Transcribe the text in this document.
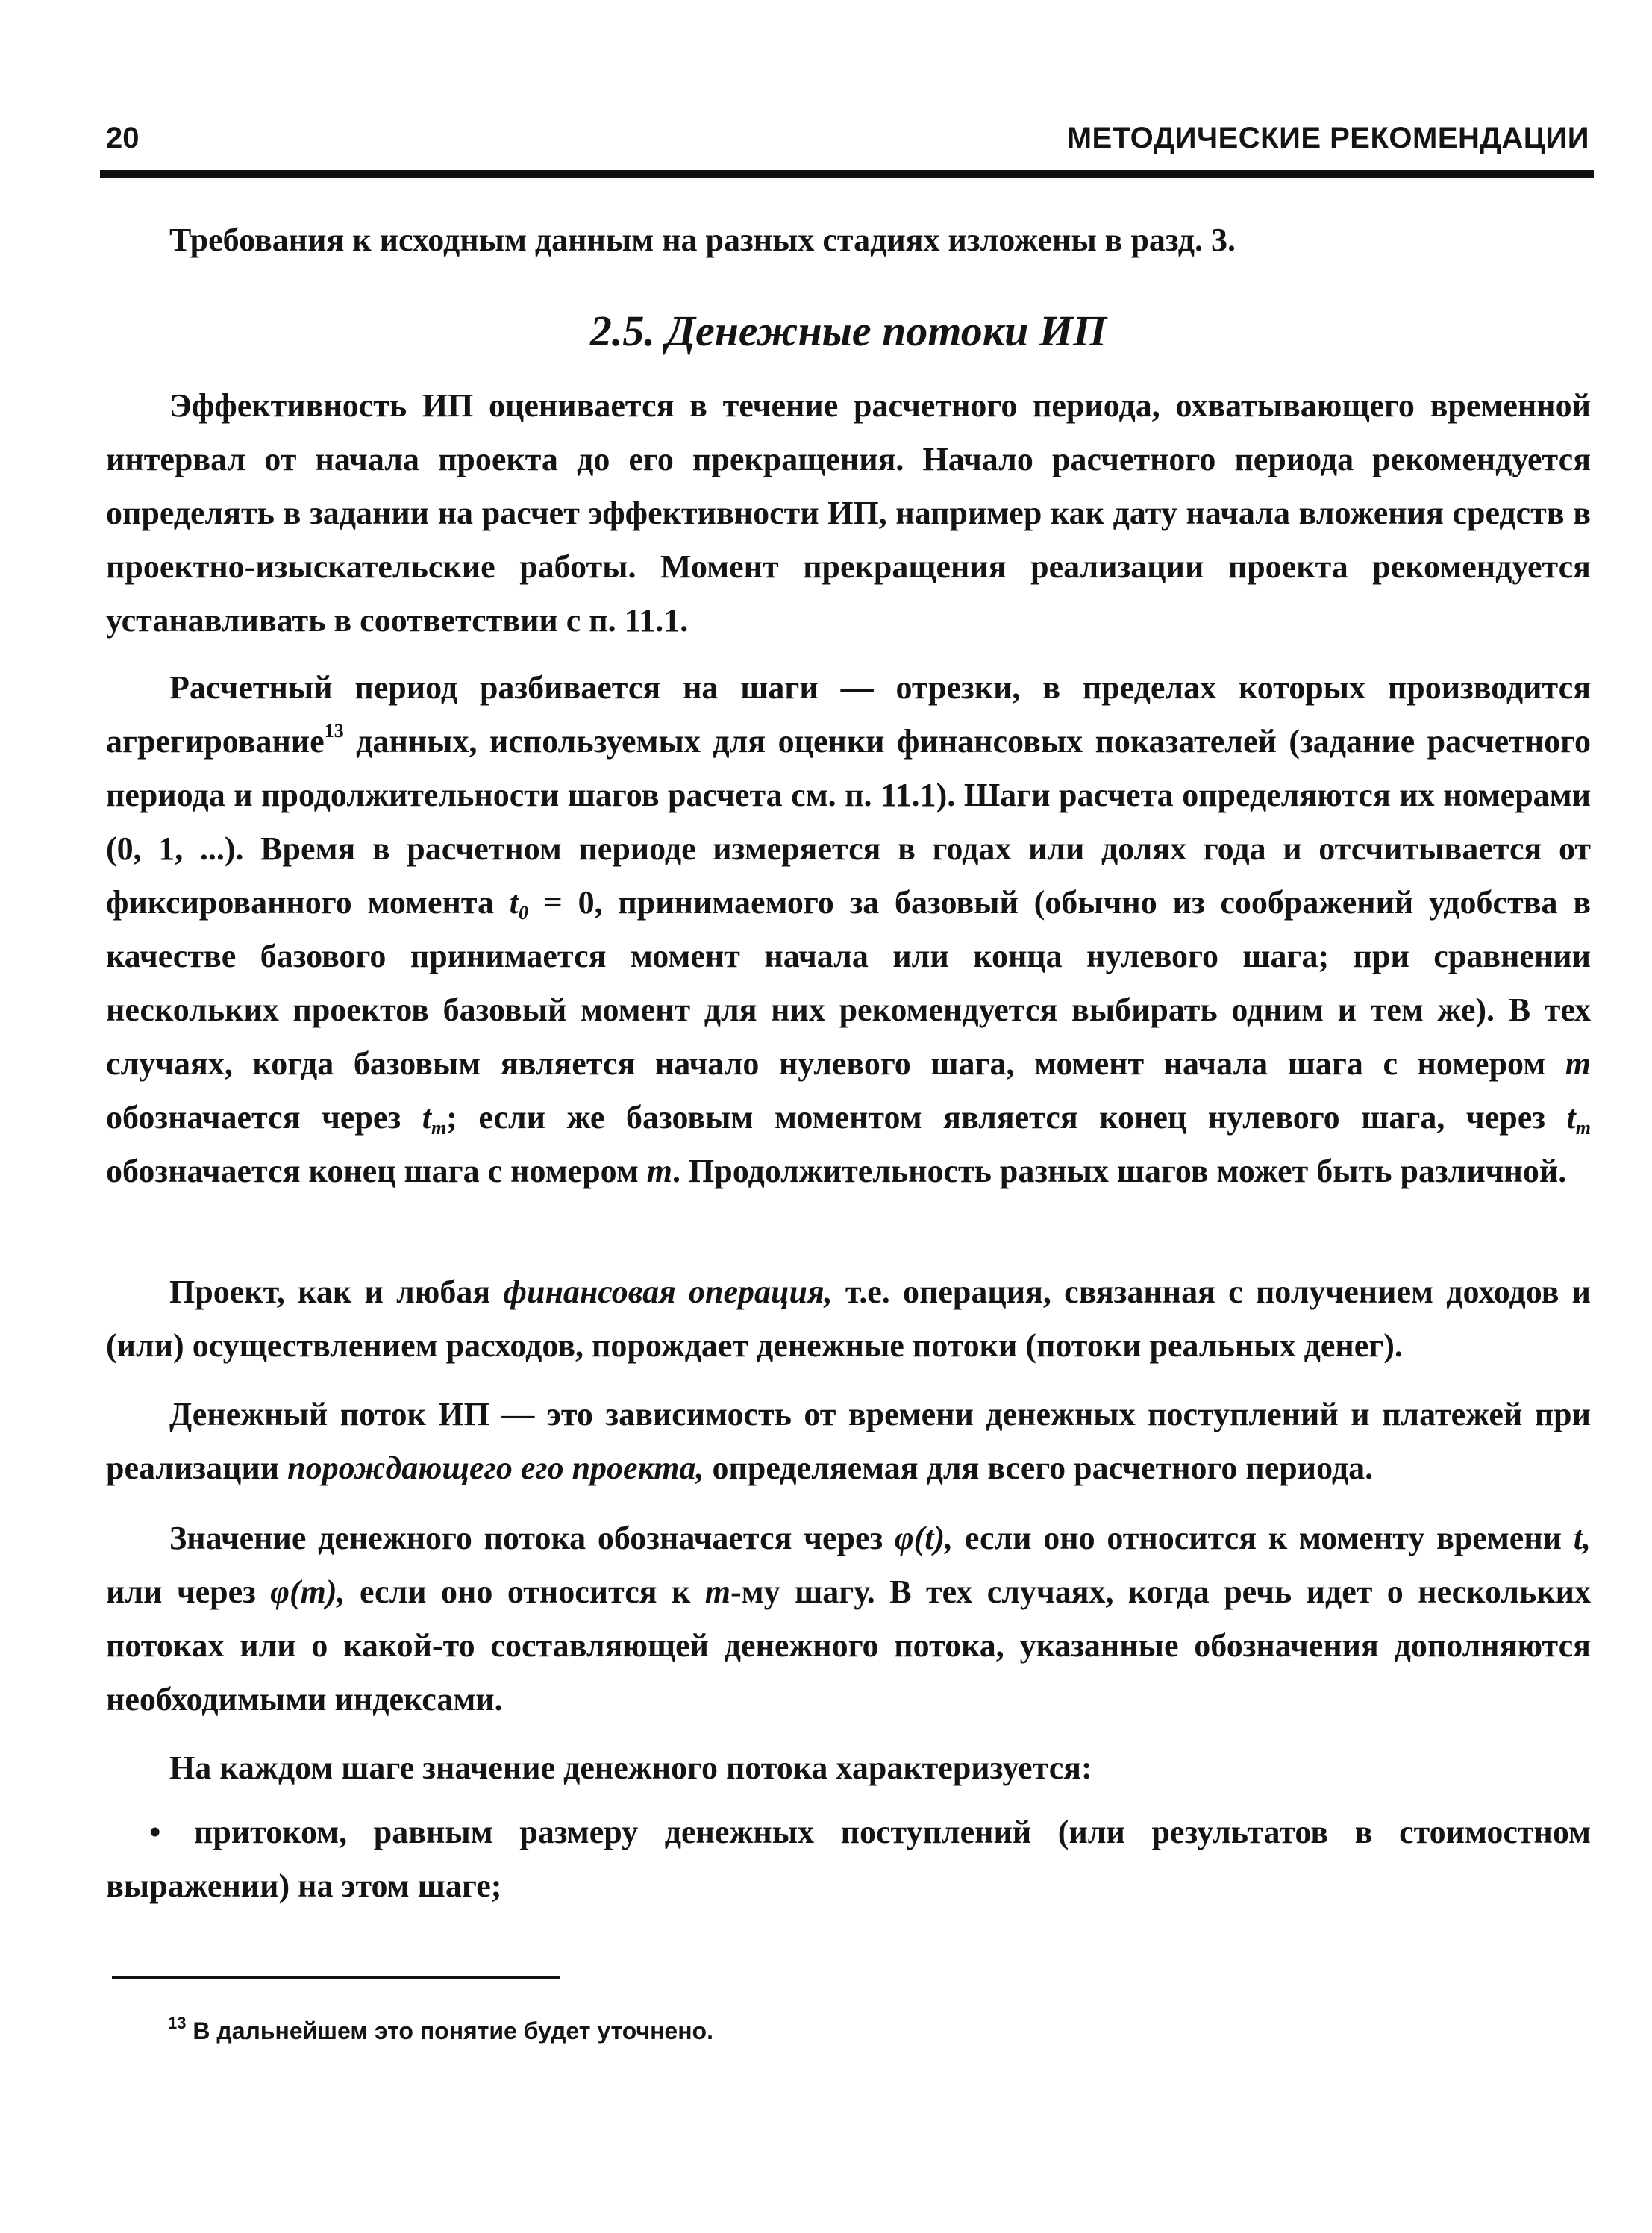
20	МЕТОДИЧЕСКИЕ РЕКОМЕНДАЦИИ

Требования к исходным данным на разных стадиях изложены в разд. 3.

2.5. Денежные потоки ИП

Эффективность ИП оценивается в течение расчетного периода, охватывающего временной интервал от начала проекта до его прекращения. Начало расчетного периода рекомендуется определять в задании на расчет эффективности ИП, например как дату начала вложения средств в проектно-изыскательские работы. Момент прекращения реализации проекта рекомендуется устанавливать в соответствии с п. 11.1.

Расчетный период разбивается на шаги — отрезки, в пределах которых производится агрегирование$^{13}$ данных, используемых для оценки финансовых показателей (задание расчетного периода и продолжительности шагов расчета см. п. 11.1). Шаги расчета определяются их номерами (0, 1, ...). Время в расчетном периоде измеряется в годах или долях года и отсчитывается от фиксированного момента $t_0 = 0$, принимаемого за базовый (обычно из соображений удобства в качестве базового принимается момент начала или конца нулевого шага; при сравнении нескольких проектов базовый момент для них рекомендуется выбирать одним и тем же). В тех случаях, когда базовым является начало нулевого шага, момент начала шага с номером m обозначается через $t_m$; если же базовым моментом является конец нулевого шага, через $t_m$ обозначается конец шага с номером m. Продолжительность разных шагов может быть различной.

Проект, как и любая финансовая операция, т.е. операция, связанная с получением доходов и (или) осуществлением расходов, порождает денежные потоки (потоки реальных денег).

Денежный поток ИП — это зависимость от времени денежных поступлений и платежей при реализации порождающего его проекта, определяемая для всего расчетного периода.

Значение денежного потока обозначается через φ(t), если оно относится к моменту времени t, или через φ(m), если оно относится к m-му шагу. В тех случаях, когда речь идет о нескольких потоках или о какой-то составляющей денежного потока, указанные обозначения дополняются необходимыми индексами.

На каждом шаге значение денежного потока характеризуется:

• притоком, равным размеру денежных поступлений (или результатов в стоимостном выражении) на этом шаге;

$^{13}$ В дальнейшем это понятие будет уточнено.
